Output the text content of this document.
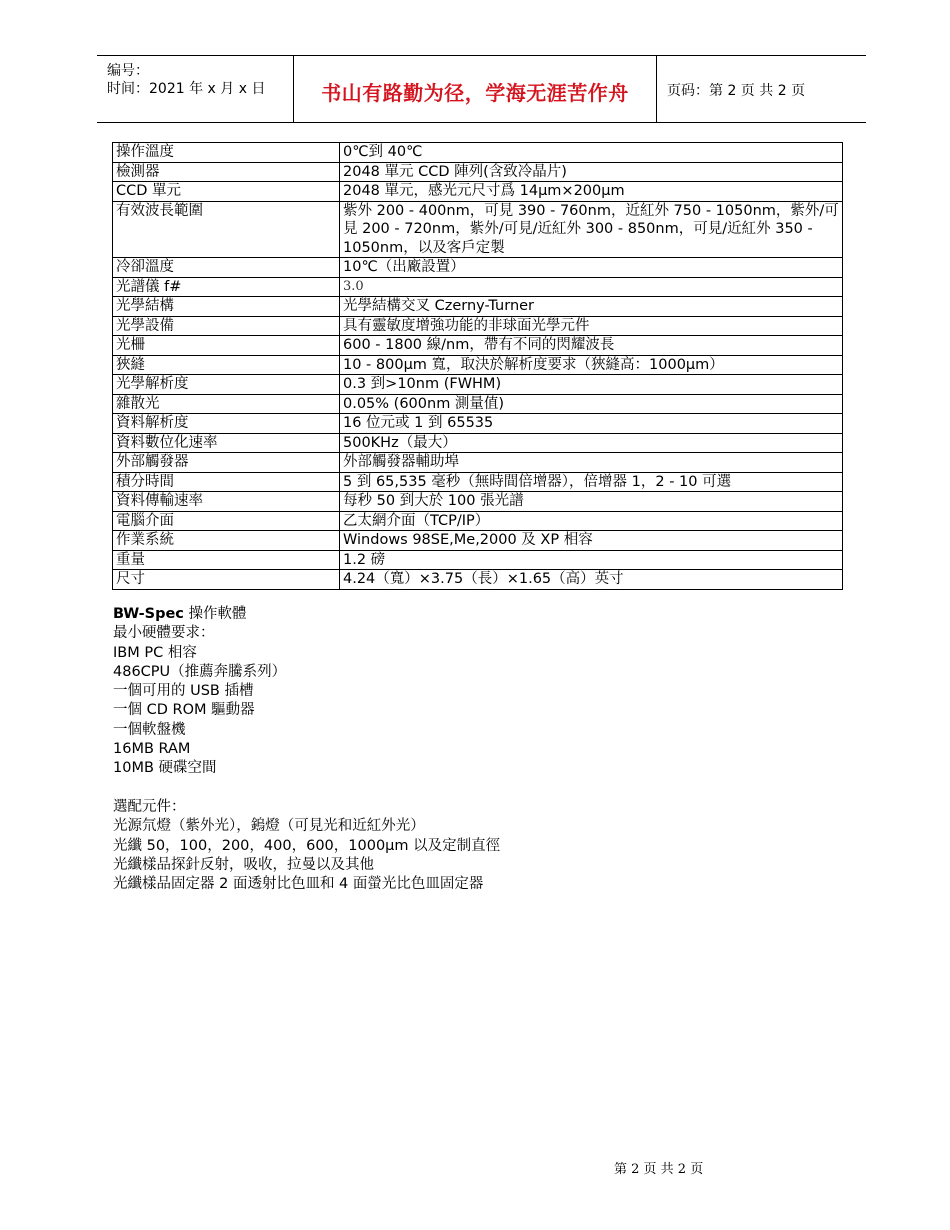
编号：
时间：2021 年 x 月 x 日	书山有路勤为径，学海无涯苦作舟	页码：第 2 页 共 2 页
操作溫度	0℃到 40℃
檢測器	2048 單元 CCD 陣列(含致冷晶片)
CCD 單元	2048 單元，感光元尺寸爲 14μm×200μm
有效波長範圍	紫外 200 - 400nm，可見 390 - 760nm，近紅外 750 - 1050nm，紫外/可見 200 - 720nm，紫外/可見/近紅外 300 - 850nm，可見/近紅外 350 - 1050nm，以及客戶定製
冷卻溫度	10℃（出廠設置）
光譜儀 f#	3.0
光學結構	光學結構交叉 Czerny-Turner
光學設備	具有靈敏度增強功能的非球面光學元件
光柵	600 - 1800 線/nm，帶有不同的閃耀波長
狹縫	10 - 800μm 寬，取決於解析度要求（狹縫高：1000μm）
光學解析度	0.3 到>10nm (FWHM)
雜散光	0.05% (600nm 測量值)
資料解析度	16 位元或 1 到 65535
資料數位化速率	500KHz（最大）
外部觸發器	外部觸發器輔助埠
積分時間	5 到 65,535 毫秒（無時間倍增器），倍增器 1，2 - 10 可選
資料傳輸速率	每秒 50 到大於 100 張光譜
電腦介面	乙太網介面（TCP/IP）
作業系統	Windows 98SE,Me,2000 及 XP 相容
重量	1.2 磅
尺寸	4.24（寬）×3.75（長）×1.65（高）英寸
BW-Spec 操作軟體
最小硬體要求：
IBM PC 相容
486CPU（推薦奔騰系列）
一個可用的 USB 插槽
一個 CD ROM 驅動器
一個軟盤機
16MB RAM
10MB 硬碟空間
選配元件：
光源氘燈（紫外光），鎢燈（可見光和近紅外光）
光纖 50，100，200，400，600，1000μm 以及定制直徑
光纖樣品探針反射，吸收，拉曼以及其他
光纖樣品固定器 2 面透射比色皿和 4 面螢光比色皿固定器
第 2 页 共 2 页
